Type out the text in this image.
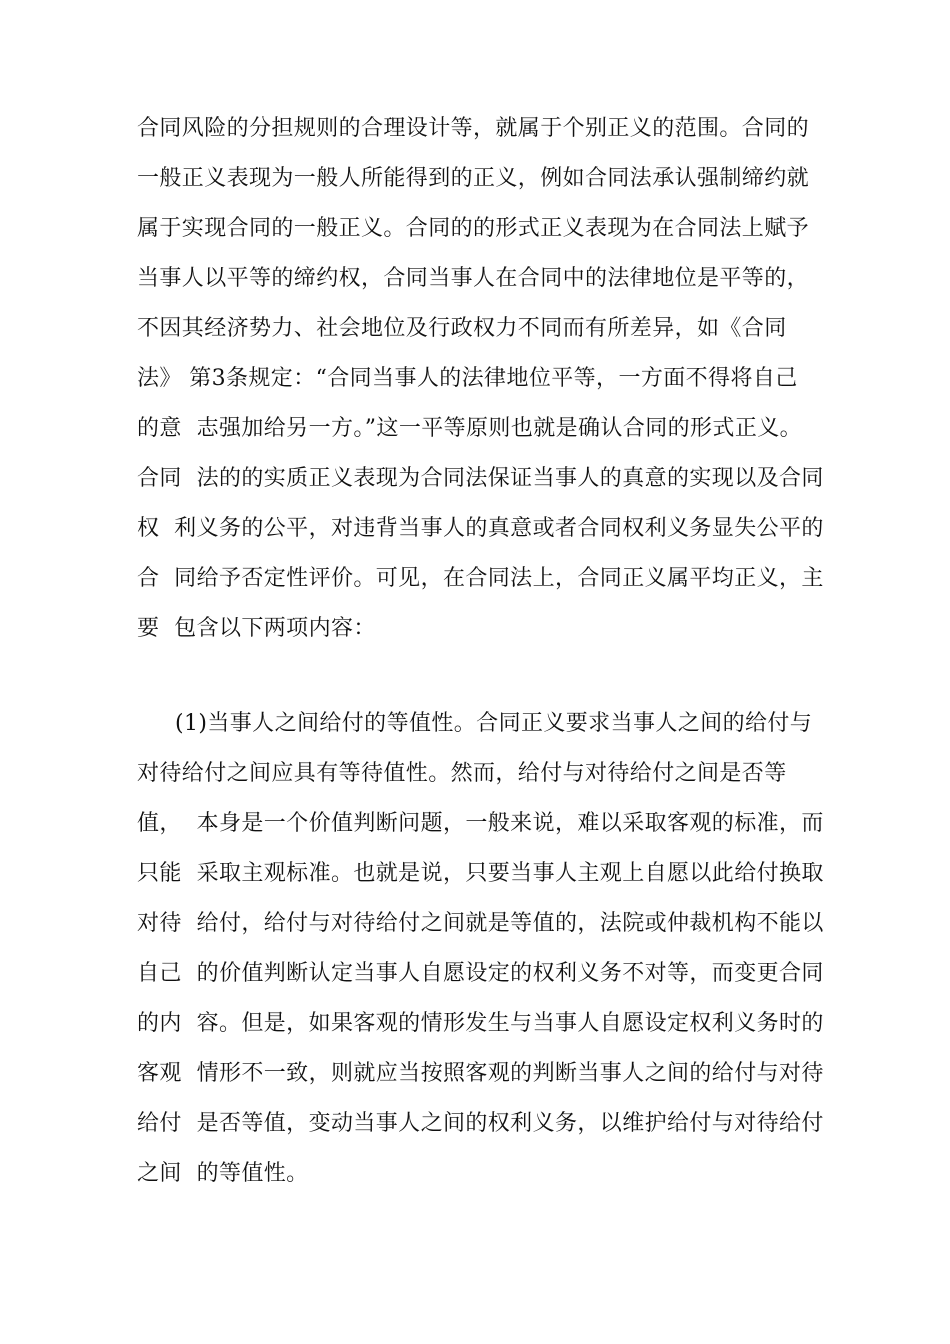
合同风险的分担规则的合理设计等，就属于个别正义的范围。合同的
一般正义表现为一般人所能得到的正义，例如合同法承认强制缔约就
属于实现合同的一般正义。合同的的形式正义表现为在合同法上赋予
当事人以平等的缔约权，合同当事人在合同中的法律地位是平等的，
不因其经济势力、社会地位及行政权力不同而有所差异，如《合同
法》 第3条规定：“合同当事人的法律地位平等，一方面不得将自己
的意  志强加给另一方。”这一平等原则也就是确认合同的形式正义。
合同  法的的实质正义表现为合同法保证当事人的真意的实现以及合同
权  利义务的公平，对违背当事人的真意或者合同权利义务显失公平的
合  同给予否定性评价。可见，在合同法上，合同正义属平均正义，主
要  包含以下两项内容：
(1)当事人之间给付的等值性。合同正义要求当事人之间的给付与
对待给付之间应具有等待值性。然而，给付与对待给付之间是否等
值，  本身是一个价值判断问题，一般来说，难以采取客观的标准，而
只能  采取主观标准。也就是说，只要当事人主观上自愿以此给付换取
对待  给付，给付与对待给付之间就是等值的，法院或仲裁机构不能以
自己  的价值判断认定当事人自愿设定的权利义务不对等，而变更合同
的内  容。但是，如果客观的情形发生与当事人自愿设定权利义务时的
客观  情形不一致，则就应当按照客观的判断当事人之间的给付与对待
给付  是否等值，变动当事人之间的权利义务，以维护给付与对待给付
之间  的等值性。
